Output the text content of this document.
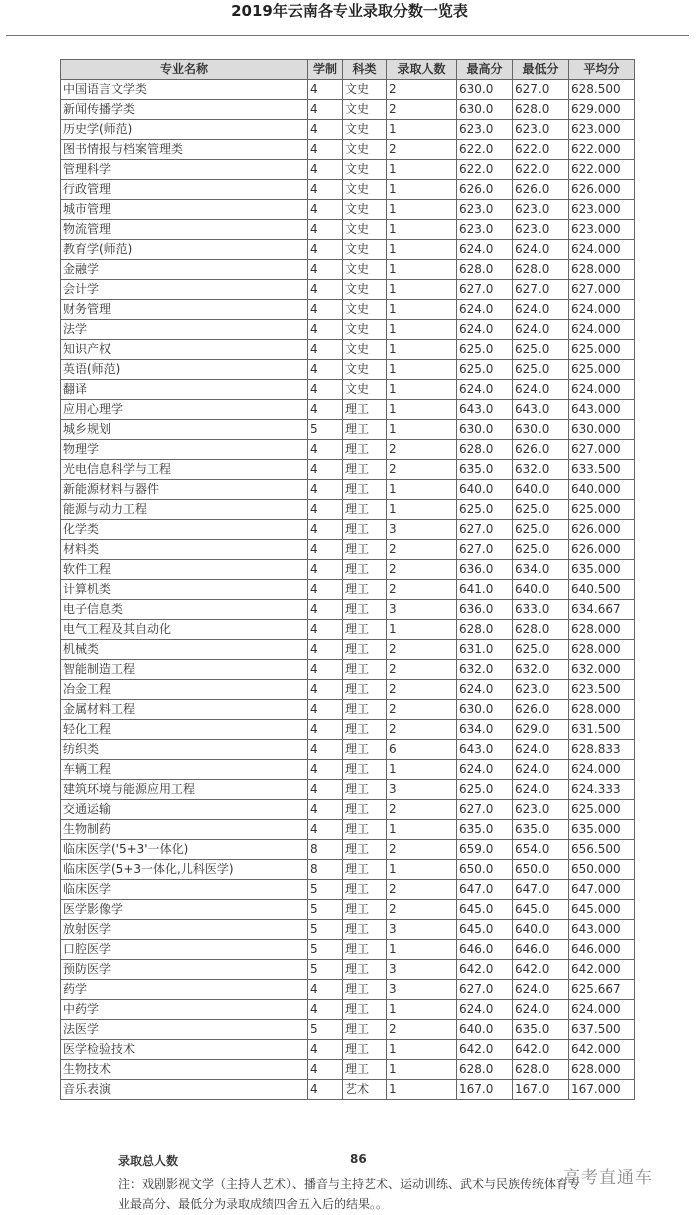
2019年云南各专业录取分数一览表
专业名称	学制	科类	录取人数	最高分	最低分	平均分
中国语言文学类	4	文史	2	630.0	627.0	628.500
新闻传播学类	4	文史	2	630.0	628.0	629.000
历史学(师范)	4	文史	1	623.0	623.0	623.000
图书情报与档案管理类	4	文史	2	622.0	622.0	622.000
管理科学	4	文史	1	622.0	622.0	622.000
行政管理	4	文史	1	626.0	626.0	626.000
城市管理	4	文史	1	623.0	623.0	623.000
物流管理	4	文史	1	623.0	623.0	623.000
教育学(师范)	4	文史	1	624.0	624.0	624.000
金融学	4	文史	1	628.0	628.0	628.000
会计学	4	文史	1	627.0	627.0	627.000
财务管理	4	文史	1	624.0	624.0	624.000
法学	4	文史	1	624.0	624.0	624.000
知识产权	4	文史	1	625.0	625.0	625.000
英语(师范)	4	文史	1	625.0	625.0	625.000
翻译	4	文史	1	624.0	624.0	624.000
应用心理学	4	理工	1	643.0	643.0	643.000
城乡规划	5	理工	1	630.0	630.0	630.000
物理学	4	理工	2	628.0	626.0	627.000
光电信息科学与工程	4	理工	2	635.0	632.0	633.500
新能源材料与器件	4	理工	1	640.0	640.0	640.000
能源与动力工程	4	理工	1	625.0	625.0	625.000
化学类	4	理工	3	627.0	625.0	626.000
材料类	4	理工	2	627.0	625.0	626.000
软件工程	4	理工	2	636.0	634.0	635.000
计算机类	4	理工	2	641.0	640.0	640.500
电子信息类	4	理工	3	636.0	633.0	634.667
电气工程及其自动化	4	理工	1	628.0	628.0	628.000
机械类	4	理工	2	631.0	625.0	628.000
智能制造工程	4	理工	2	632.0	632.0	632.000
冶金工程	4	理工	2	624.0	623.0	623.500
金属材料工程	4	理工	2	630.0	626.0	628.000
轻化工程	4	理工	2	634.0	629.0	631.500
纺织类	4	理工	6	643.0	624.0	628.833
车辆工程	4	理工	1	624.0	624.0	624.000
建筑环境与能源应用工程	4	理工	3	625.0	624.0	624.333
交通运输	4	理工	2	627.0	623.0	625.000
生物制药	4	理工	1	635.0	635.0	635.000
临床医学('5+3'一体化)	8	理工	2	659.0	654.0	656.500
临床医学(5+3一体化,儿科医学)	8	理工	1	650.0	650.0	650.000
临床医学	5	理工	2	647.0	647.0	647.000
医学影像学	5	理工	2	645.0	645.0	645.000
放射医学	5	理工	3	645.0	640.0	643.000
口腔医学	5	理工	1	646.0	646.0	646.000
预防医学	5	理工	3	642.0	642.0	642.000
药学	4	理工	3	627.0	624.0	625.667
中药学	4	理工	1	624.0	624.0	624.000
法医学	5	理工	2	640.0	635.0	637.500
医学检验技术	4	理工	1	642.0	642.0	642.000
生物技术	4	理工	1	628.0	628.0	628.000
音乐表演	4	艺术	1	167.0	167.0	167.000
录取总人数	86
注：戏剧影视文学（主持人艺术）、播音与主持艺术、运动训练、武术与民族传统体育专业最高分、最低分为录取成绩四舍五入后的结果。。
高考直通车
